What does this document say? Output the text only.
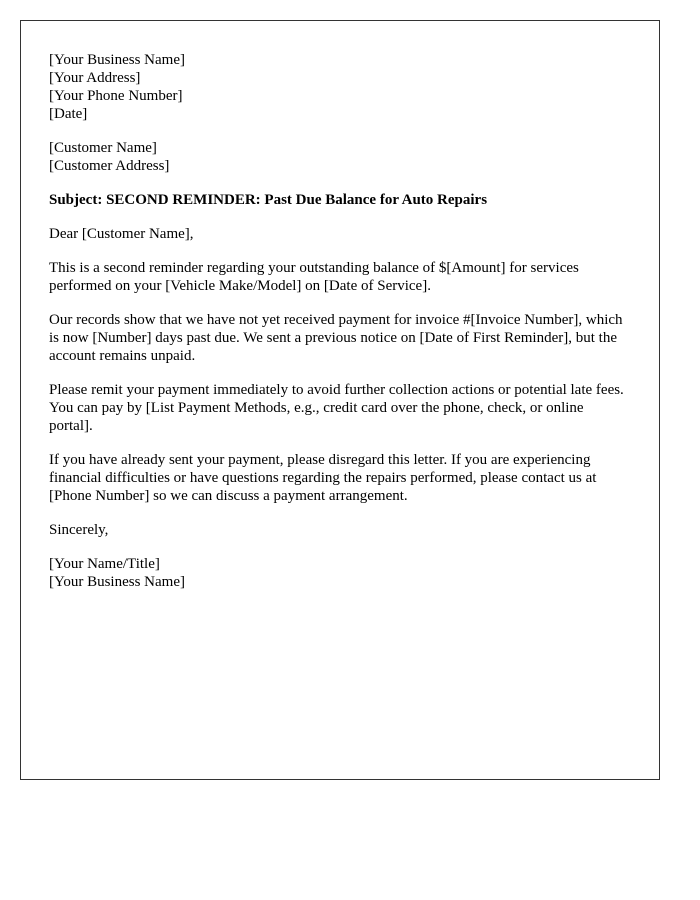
[Your Business Name]
[Your Address]
[Your Phone Number]
[Date]
[Customer Name]
[Customer Address]

Subject: SECOND REMINDER: Past Due Balance for Auto Repairs

Dear [Customer Name],

This is a second reminder regarding your outstanding balance of $[Amount] for services performed on your [Vehicle Make/Model] on [Date of Service].

Our records show that we have not yet received payment for invoice #[Invoice Number], which is now [Number] days past due. We sent a previous notice on [Date of First Reminder], but the account remains unpaid.

Please remit your payment immediately to avoid further collection actions or potential late fees. You can pay by [List Payment Methods, e.g., credit card over the phone, check, or online portal].

If you have already sent your payment, please disregard this letter. If you are experiencing financial difficulties or have questions regarding the repairs performed, please contact us at [Phone Number] so we can discuss a payment arrangement.

Sincerely,

[Your Name/Title]
[Your Business Name]
